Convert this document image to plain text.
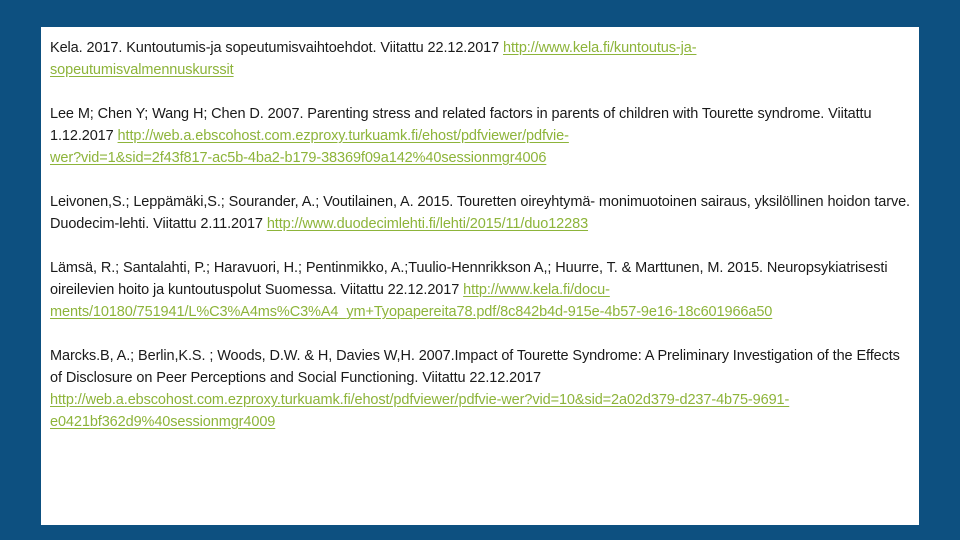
Kela. 2017. Kuntoutumis-ja sopeutumisvaihtoehdot. Viitattu 22.12.2017 http://www.kela.fi/kuntoutus-ja-
sopeutumisvalmennuskurssit

Lee M; Chen Y; Wang H; Chen D. 2007. Parenting stress and related factors in parents of children with Tourette syndrome. Viitattu 1.12.2017 http://web.a.ebscohost.com.ezproxy.turkuamk.fi/ehost/pdfviewer/pdfvie-
wer?vid=1&sid=2f43f817-ac5b-4ba2-b179-38369f09a142%40sessionmgr4006

Leivonen,S.; Leppämäki,S.; Sourander, A.; Voutilainen, A. 2015. Touretten oireyhtymä- monimuotoinen sairaus, yksilöllinen hoidon tarve. Duodecim-lehti. Viitattu 2.11.2017 http://www.duodecimlehti.fi/lehti/2015/11/duo12283

Lämsä, R.; Santalahti, P.; Haravuori, H.; Pentinmikko, A.;Tuulio-Hennrikkson A,; Huurre, T. & Marttunen, M. 2015. Neuropsykiatrisesti oireilevien hoito ja kuntoutuspolut Suomessa. Viitattu 22.12.2017 http://www.kela.fi/docu-
ments/10180/751941/L%C3%A4ms%C3%A4_ym+Tyopapereita78.pdf/8c842b4d-915e-4b57-9e16-18c601966a50

Marcks.B, A.; Berlin,K.S. ; Woods, D.W. & H, Davies W,H. 2007.Impact of Tourette Syndrome: A Preliminary Investigation of the Effects of Disclosure on Peer Perceptions and Social Functioning. Viitattu 22.12.2017
http://web.a.ebscohost.com.ezproxy.turkuamk.fi/ehost/pdfviewer/pdfvie-wer?vid=10&sid=2a02d379-d237-4b75-9691-
e0421bf362d9%40sessionmgr4009
